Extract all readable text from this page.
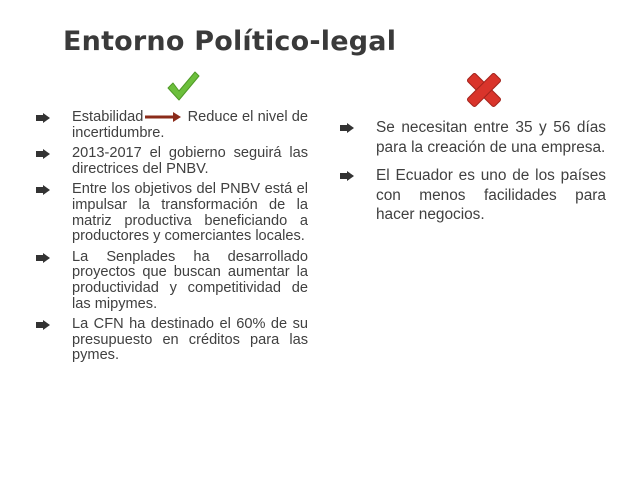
Entorno Político-legal
Estabilidad	Reduce el nivel de incertidumbre.
2013-2017 el gobierno seguirá las directrices del PNBV.
Entre los objetivos del PNBV está el impulsar la transformación de la matriz productiva beneficiando a productores y comerciantes locales.
La Senplades ha desarrollado proyectos que buscan aumentar la productividad y competitividad de las mipymes.
La CFN ha destinado el 60% de su presupuesto en créditos para las pymes.
Se necesitan entre 35 y 56 días para la creación de una empresa.
El Ecuador es uno de los países con menos facilidades para hacer negocios.
